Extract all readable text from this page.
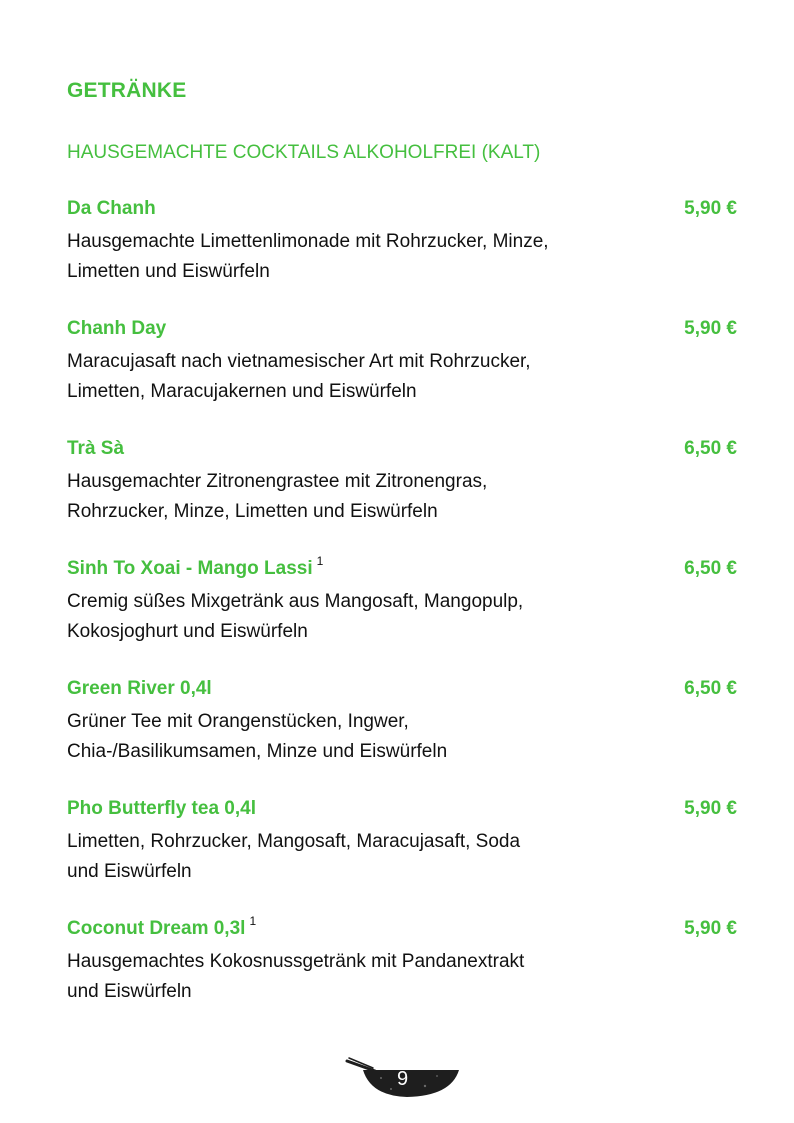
GETRÄNKE
HAUSGEMACHTE COCKTAILS ALKOHOLFREI (KALT)
Da Chanh	5,90 €
Hausgemachte Limettenlimonade mit Rohrzucker, Minze,
Limetten und Eiswürfeln
Chanh Day	5,90 €
Maracujasaft nach vietnamesischer Art mit Rohrzucker,
Limetten, Maracujakernen und Eiswürfeln
Trà Sà	6,50 €
Hausgemachter Zitronengrastee mit Zitronengras,
Rohrzucker, Minze, Limetten und Eiswürfeln
Sinh To Xoai - Mango Lassi $^1$	6,50 €
Cremig süßes Mixgetränk aus Mangosaft, Mangopulp,
Kokosjoghurt und Eiswürfeln
Green River 0,4l	6,50 €
Grüner Tee mit Orangenstücken, Ingwer,
Chia-/Basilikumsamen, Minze und Eiswürfeln
Pho Butterfly tea 0,4l	5,90 €
Limetten, Rohrzucker, Mangosaft, Maracujasaft, Soda
und Eiswürfeln
Coconut Dream 0,3l $^1$	5,90 €
Hausgemachtes Kokosnussgetränk mit Pandanextrakt
und Eiswürfeln
9
